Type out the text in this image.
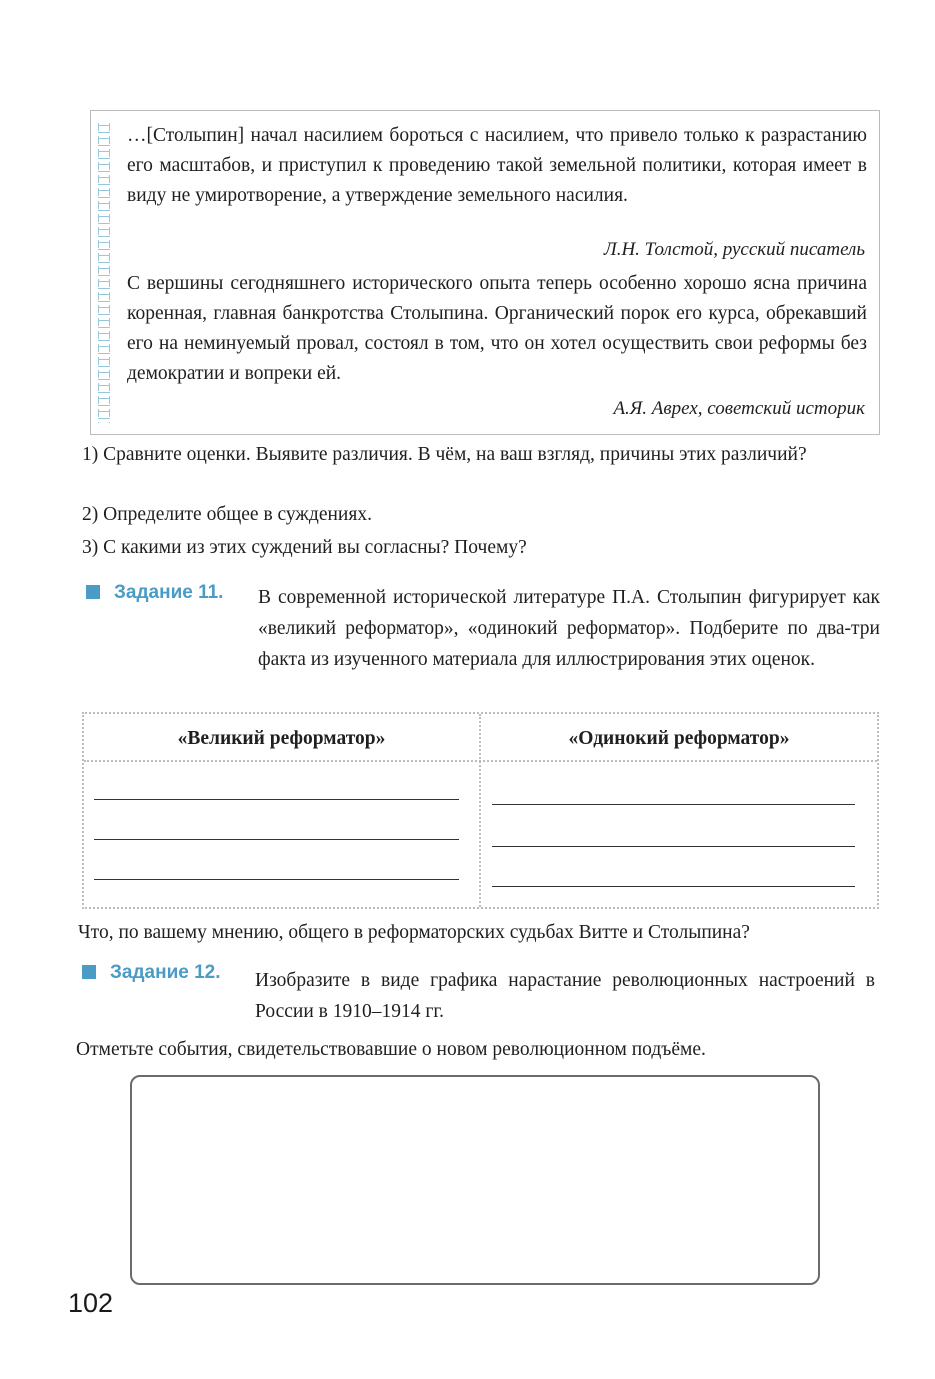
…[Столыпин] начал насилием бороться с насилием, что привело только к разрастанию его масштабов, и приступил к проведению такой земельной политики, которая имеет в виду не умиротворение, а утверждение земельного насилия.
Л.Н. Толстой, русский писатель
С вершины сегодняшнего исторического опыта теперь особенно хорошо ясна причина коренная, главная банкротства Столыпина. Органический порок его курса, обрекавший его на неминуемый провал, состоял в том, что он хотел осуществить свои реформы без демократии и вопреки ей.
А.Я. Аврех, советский историк
1) Сравните оценки. Выявите различия. В чём, на ваш взгляд, причины этих различий?
2) Определите общее в суждениях.
3) С какими из этих суждений вы согласны? Почему?
Задание 11. В современной исторической литературе П.А. Столыпин фигурирует как «великий реформатор», «одинокий реформатор». Подберите по два-три факта из изученного материала для иллюстрирования этих оценок.
«Великий реформатор»	«Одинокий реформатор»
Что, по вашему мнению, общего в реформаторских судьбах Витте и Столыпина?
Задание 12. Изобразите в виде графика нарастание революционных настроений в России в 1910–1914 гг.
Отметьте события, свидетельствовавшие о новом революционном подъёме.
102
